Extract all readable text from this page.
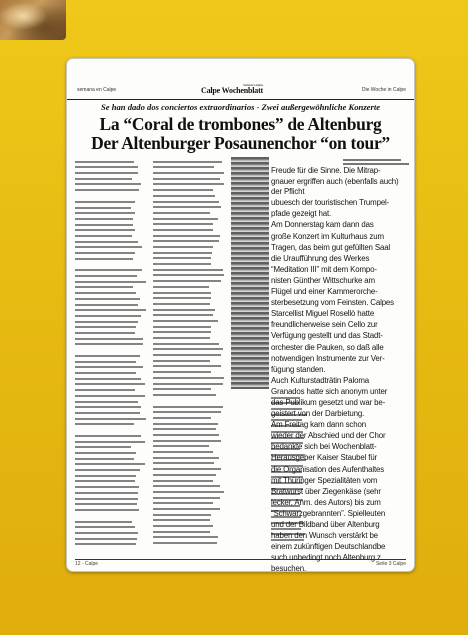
semana en Calpe
Semana Calpina
Calpe Wochenblatt	Die Woche in Calpe
Se han dado dos conciertos extraordinarios - Zwei außergewöhnliche Konzerte
La “Coral de trombones” de Altenburg
Der Altenburger Posaunenchor “on tour”
Freude für die Sinne. Die Mitrap-
gnauer ergriffen auch (ebenfalls auch) der Pflicht
ubuesch der touristischen Trumpel-
pfade gezeigt hat.
Am Donnerstag kam dann das
große Konzert im Kulturhaus zum
Tragen, das beim gut gefüllten Saal
die Uraufführung des Werkes
“Meditation III” mit dem Kompo-
nisten Günther Wittschurke am
Flügel und einer Kammerorche-
sterbesetzung vom Feinsten. Calpes
Starcellist Miguel Rosellò hatte
freundlicherweise sein Cello zur
Verfügung gestellt und das Stadt-
orchester die Pauken, so daß alle
notwendigen Instrumente zur Ver-
fügung standen.
Auch Kulturstadträtin Paloma
Granados hatte sich anonym unter
das Publikum gesetzt und war be-
geistert von der Darbietung.
Am Freitag kam dann schon
wieder der Abschied und der Chor
bedankte sich bei Wochenblatt-
Herausgeber Kaiser Staubel für
die Organisation des Aufenthaltes
mit Thüringer Spezialitäten vom
Bratwurst über Ziegenkäse (sehr
lecker, Anm. des Autors) bis zum
“Schwarzgebrannten”. Spielleuten
und der Bildband über Altenburg
haben den Wunsch verstärkt be
einem zukünftigen Deutschlandbe
such unbedingt noch Altenburg z
besuchen.
12 - Calpe	Seite 3 Calpe
